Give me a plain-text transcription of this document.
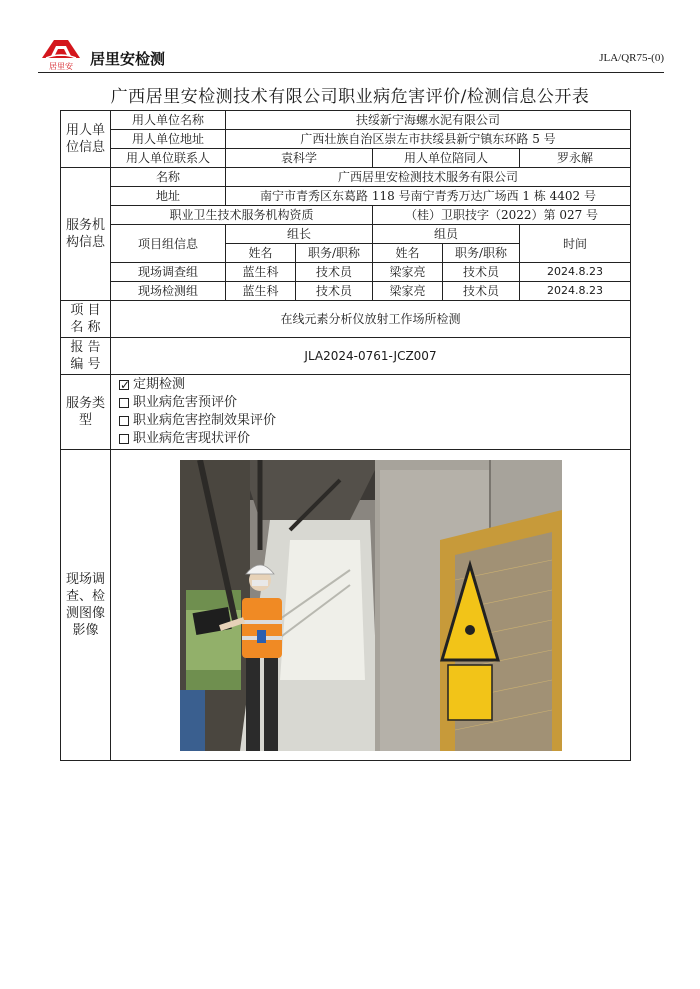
居里安 居里安检测	JLA/QR75-(0)
广西居里安检测技术有限公司职业病危害评价/检测信息公开表
用人单位信息	用人单位名称	扶绥新宁海螺水泥有限公司				
	用人单位地址	广西壮族自治区崇左市扶绥县新宁镇东环路 5 号				
	用人单位联系人	袁科学		用人单位陪同人		罗永解
服务机构信息	名称	广西居里安检测技术服务有限公司				
	地址	南宁市青秀区东葛路 118 号南宁青秀万达广场西 1 栋 4402 号				
	职业卫生技术服务机构资质			（桂）卫职技字（2022）第 027 号		
	项目组信息	组长		组员		时间
		姓名	职务/职称	姓名	职务/职称	
	现场调查组	蓝生科	技术员	梁家亮	技术员	2024.8.23
	现场检测组	蓝生科	技术员	梁家亮	技术员	2024.8.23
项 目 名 称	在线元素分析仪放射工作场所检测					
报 告 编 号	JLA2024-0761-JCZ007					
服务类型	
✓
定期检测
职业病危害预评价
职业病危害控制效果评价
职业病危害现状评价

现场调查、检测图像影像	
